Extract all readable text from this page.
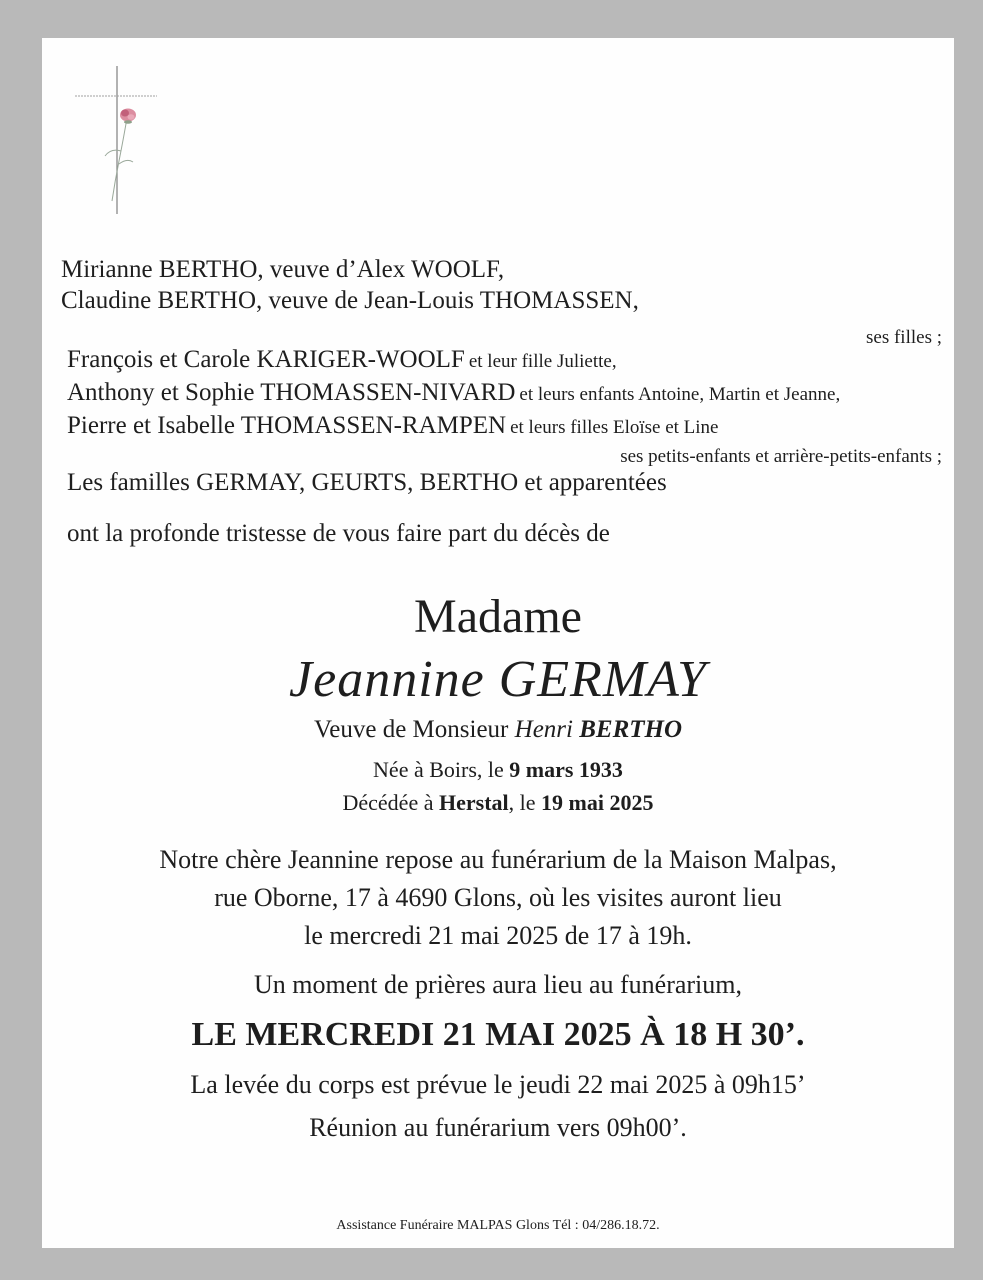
Mirianne BERTHO, veuve d’Alex WOOLF,
Claudine BERTHO, veuve de Jean-Louis THOMASSEN,
ses filles ;
François et Carole KARIGER-WOOLF et leur fille Juliette,
Anthony et Sophie THOMASSEN-NIVARD et leurs enfants Antoine, Martin et Jeanne,
Pierre et Isabelle THOMASSEN-RAMPEN et leurs filles Eloïse et Line
ses petits-enfants et arrière-petits-enfants ;
Les familles GERMAY, GEURTS, BERTHO et apparentées
ont la profonde tristesse de vous faire part du décès de
Madame
Jeannine GERMAY
Veuve de Monsieur Henri BERTHO
Née à Boirs, le 9 mars 1933
Décédée à Herstal, le 19 mai 2025
Notre chère Jeannine repose au funérarium de la Maison Malpas,
rue Oborne, 17 à 4690 Glons, où les visites auront lieu
le mercredi 21 mai 2025 de 17 à 19h.
Un moment de prières aura lieu au funérarium,
LE MERCREDI 21 MAI 2025 À 18 H 30’.
La levée du corps est prévue le jeudi 22 mai 2025 à 09h15’
Réunion au funérarium vers 09h00’.
Assistance Funéraire MALPAS Glons Tél : 04/286.18.72.
